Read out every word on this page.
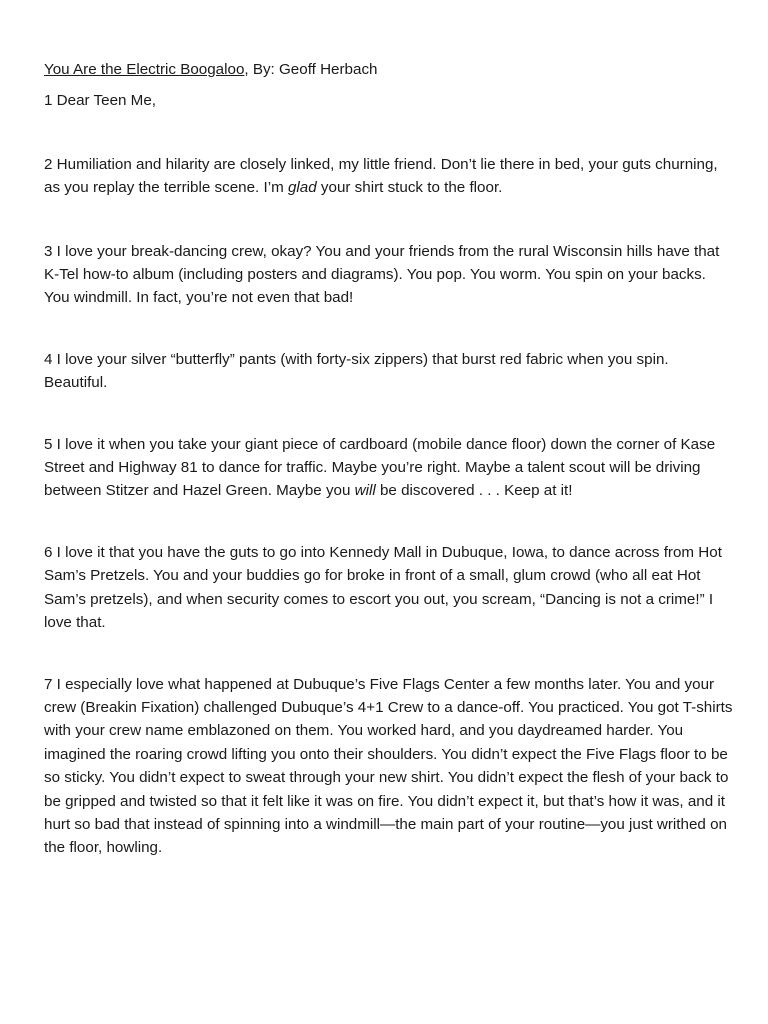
You Are the Electric Boogaloo, By: Geoff Herbach

1 Dear Teen Me,

2 Humiliation and hilarity are closely linked, my little friend. Don’t lie there in bed, your guts churning, as you replay the terrible scene. I’m glad your shirt stuck to the floor.

3 I love your break-dancing crew, okay? You and your friends from the rural Wisconsin hills have that K-Tel how-to album (including posters and diagrams). You pop. You worm. You spin on your backs. You windmill. In fact, you’re not even that bad!

4 I love your silver “butterfly” pants (with forty-six zippers) that burst red fabric when you spin. Beautiful.

5 I love it when you take your giant piece of cardboard (mobile dance floor) down the corner of Kase Street and Highway 81 to dance for traffic. Maybe you’re right. Maybe a talent scout will be driving between Stitzer and Hazel Green. Maybe you will be discovered . . . Keep at it!

6 I love it that you have the guts to go into Kennedy Mall in Dubuque, Iowa, to dance across from Hot Sam’s Pretzels. You and your buddies go for broke in front of a small, glum crowd (who all eat Hot Sam’s pretzels), and when security comes to escort you out, you scream, “Dancing is not a crime!” I love that.

7 I especially love what happened at Dubuque’s Five Flags Center a few months later. You and your crew (Breakin Fixation) challenged Dubuque’s 4+1 Crew to a dance-off. You practiced. You got T-shirts with your crew name emblazoned on them. You worked hard, and you daydreamed harder. You imagined the roaring crowd lifting you onto their shoulders. You didn’t expect the Five Flags floor to be so sticky. You didn’t expect to sweat through your new shirt. You didn’t expect the flesh of your back to be gripped and twisted so that it felt like it was on fire. You didn’t expect it, but that’s how it was, and it hurt so bad that instead of spinning into a windmill—the main part of your routine—you just writhed on the floor, howling.
